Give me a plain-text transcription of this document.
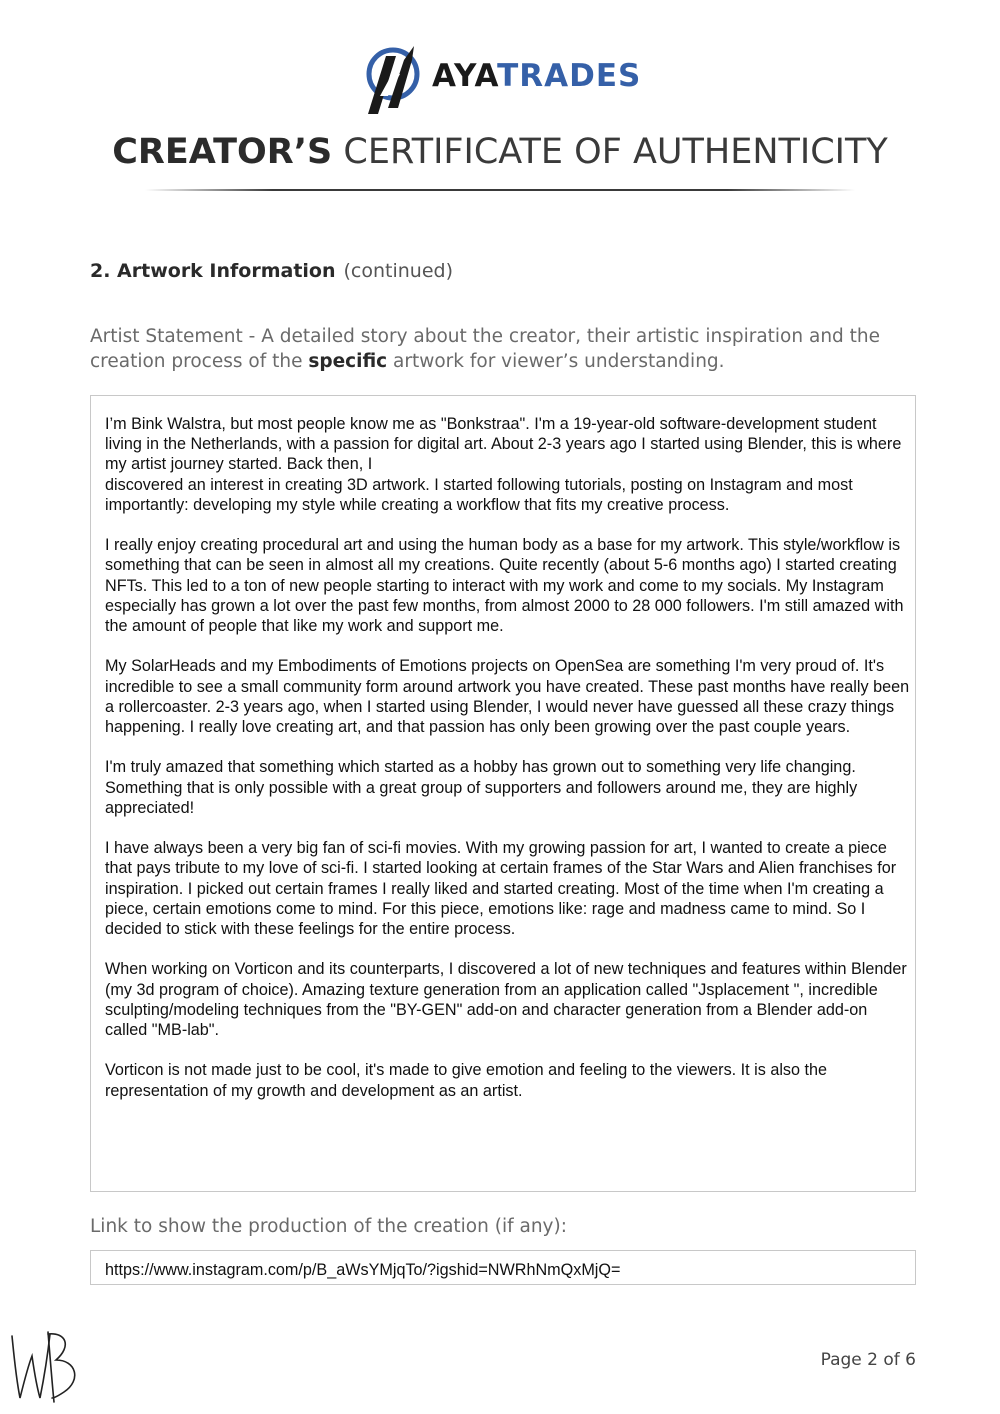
AYATRADES
CREATOR’S CERTIFICATE OF AUTHENTICITY
2. Artwork Information (continued)
Artist Statement - A detailed story about the creator, their artistic inspiration and the creation process of the specific artwork for viewer’s understanding.

I’m Bink Walstra, but most people know me as "Bonkstraa". I'm a 19-year-old software-development student living in the Netherlands, with a passion for digital art. About 2-3 years ago I started using Blender, this is where my artist journey started. Back then, I

discovered an interest in creating 3D artwork. I started following tutorials, posting on Instagram and most importantly: developing my style while creating a workflow that fits my creative process.

I really enjoy creating procedural art and using the human body as a base for my artwork. This style/workflow is something that can be seen in almost all my creations. Quite recently (about 5-6 months ago) I started creating NFTs. This led to a ton of new people starting to interact with my work and come to my socials. My Instagram especially has grown a lot over the past few months, from almost 2000 to 28 000 followers. I'm still amazed with the amount of people that like my work and support me.

My SolarHeads and my Embodiments of Emotions projects on OpenSea are something I'm very proud of. It's incredible to see a small community form around artwork you have created. These past months have really been a rollercoaster. 2-3 years ago, when I started using Blender, I would never have guessed all these crazy things happening. I really love creating art, and that passion has only been growing over the past couple years.

I'm truly amazed that something which started as a hobby has grown out to something very life changing. Something that is only possible with a great group of supporters and followers around me, they are highly appreciated!

I have always been a very big fan of sci-fi movies. With my growing passion for art, I wanted to create a piece that pays tribute to my love of sci-fi. I started looking at certain frames of the Star Wars and Alien franchises for inspiration. I picked out certain frames I really liked and started creating. Most of the time when I'm creating a piece, certain emotions come to mind. For this piece, emotions like: rage and madness came to mind. So I decided to stick with these feelings for the entire process.

When working on Vorticon and its counterparts, I discovered a lot of new techniques and features within Blender (my 3d program of choice). Amazing texture generation from an application called "Jsplacement ", incredible sculpting/modeling techniques from the "BY-GEN" add-on and character generation from a Blender add-on called "MB-lab".

Vorticon is not made just to be cool, it's made to give emotion and feeling to the viewers. It is also the representation of my growth and development as an artist.

Link to show the production of the creation (if any):
https://www.instagram.com/p/B_aWsYMjqTo/?igshid=NWRhNmQxMjQ=
Page 2 of 6
